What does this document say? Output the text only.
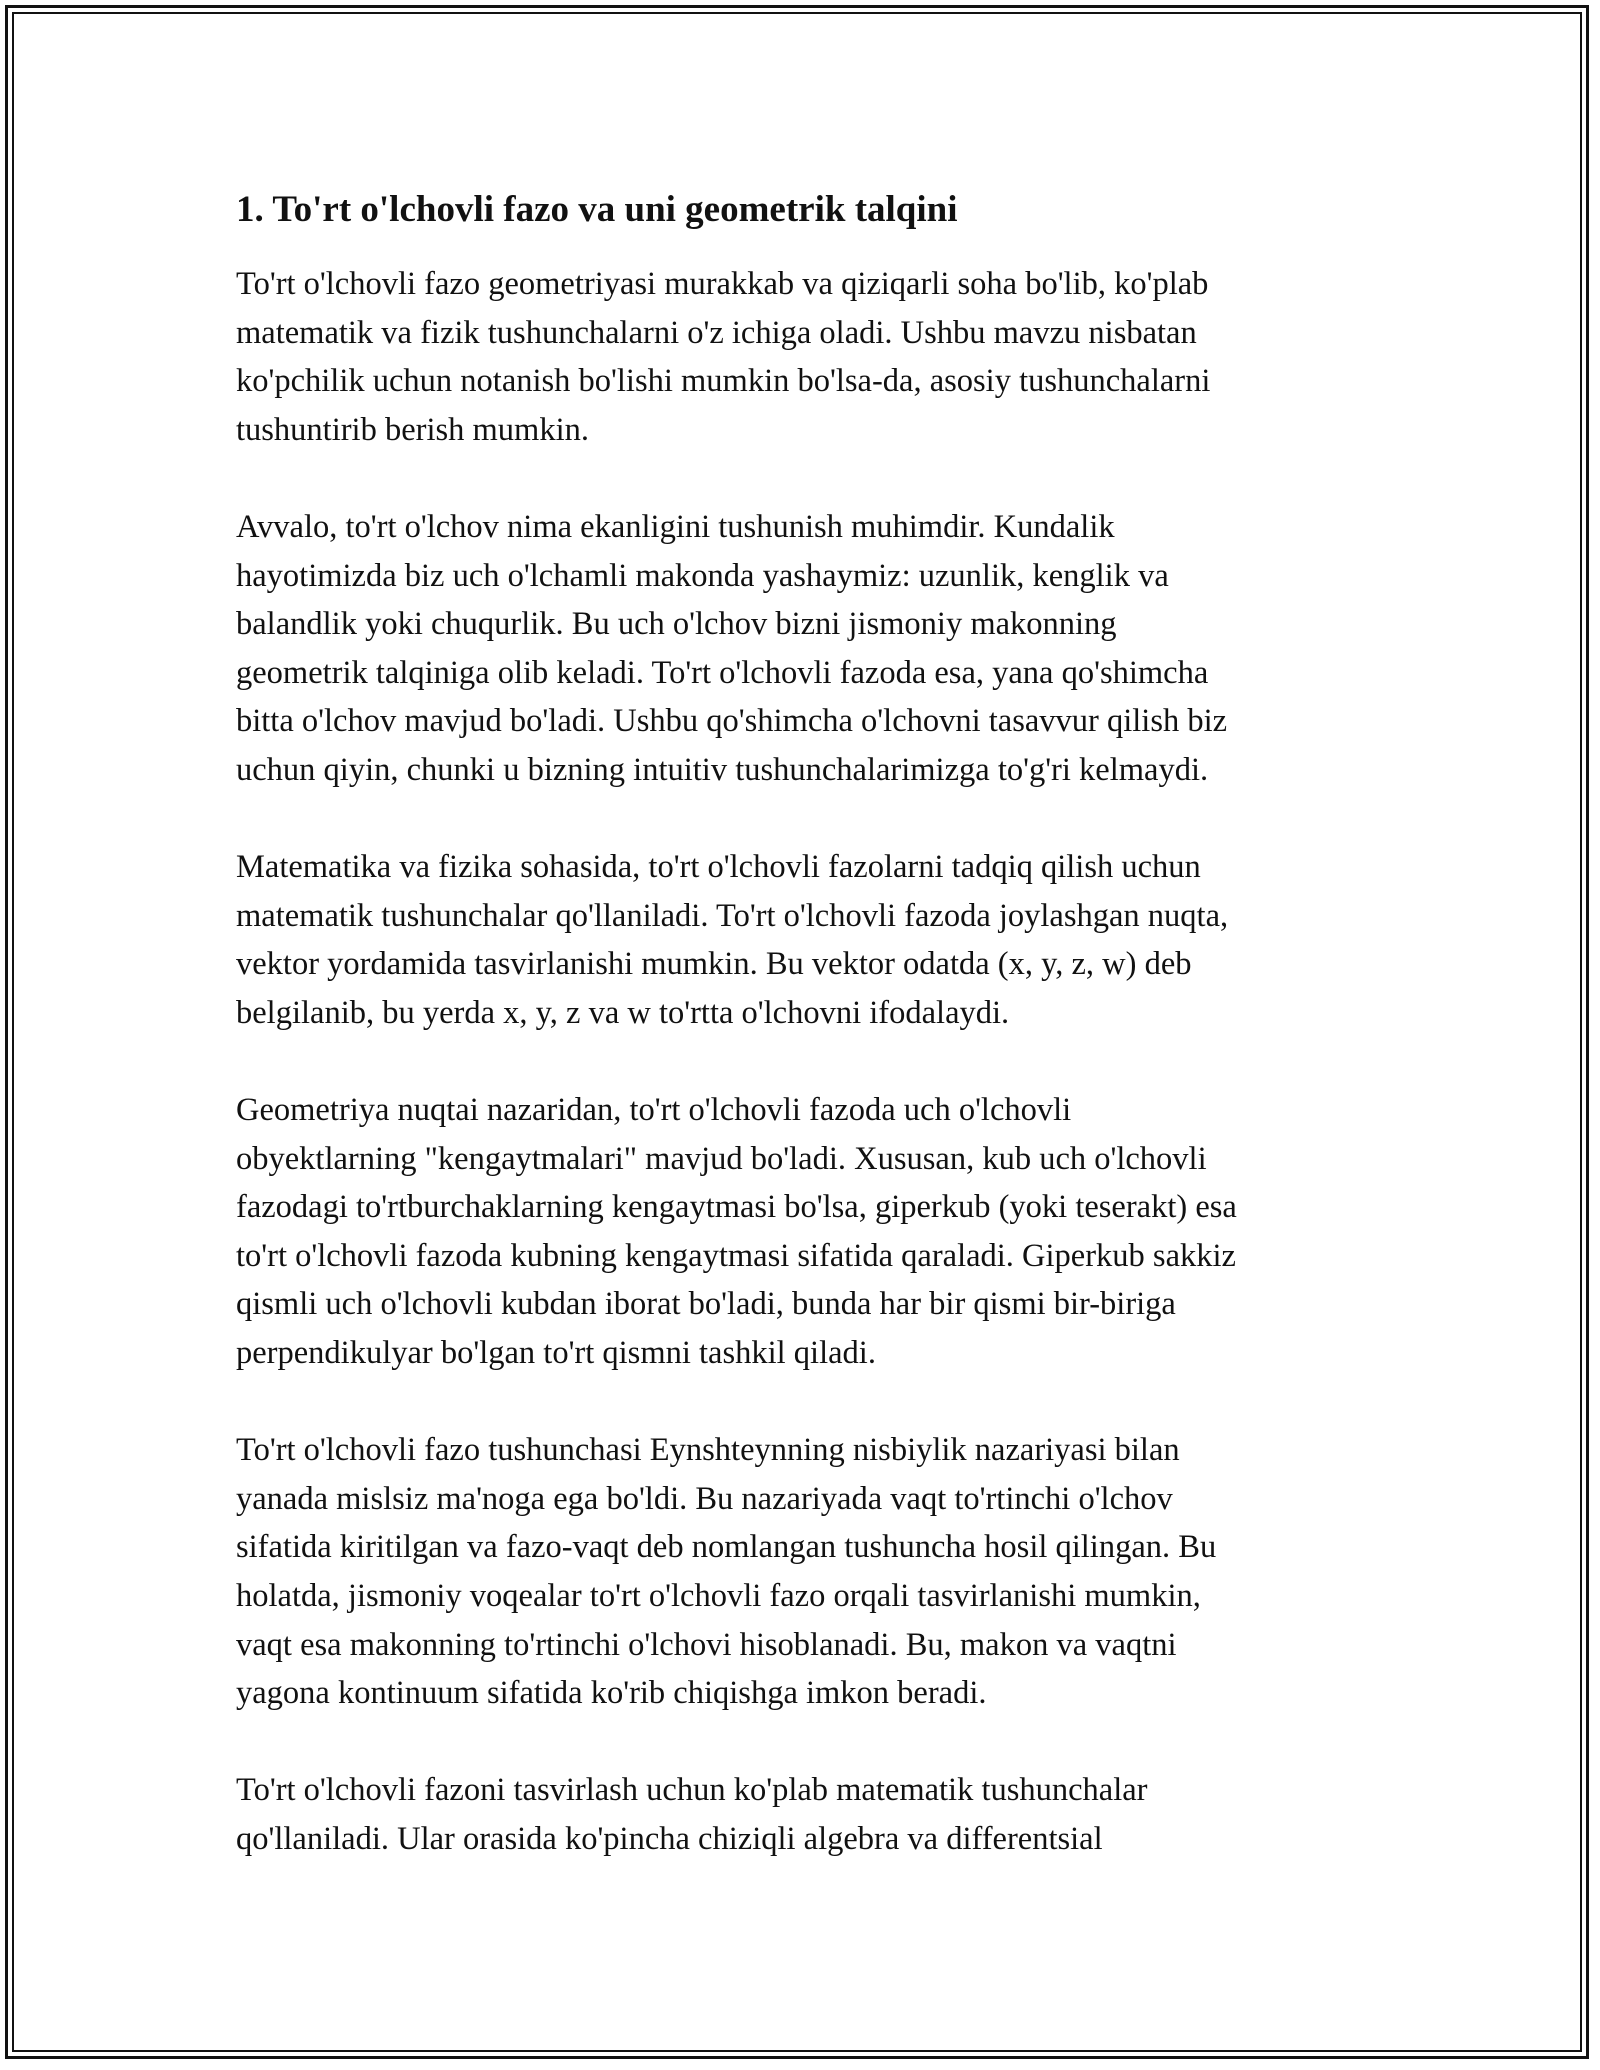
1. To'rt o'lchovli fazo va uni geometrik talqini
To'rt o'lchovli fazo geometriyasi murakkab va qiziqarli soha bo'lib, ko'plab
matematik va fizik tushunchalarni o'z ichiga oladi. Ushbu mavzu nisbatan
ko'pchilik uchun notanish bo'lishi mumkin bo'lsa-da, asosiy tushunchalarni
tushuntirib berish mumkin.
Avvalo, to'rt o'lchov nima ekanligini tushunish muhimdir. Kundalik
hayotimizda biz uch o'lchamli makonda yashaymiz: uzunlik, kenglik va
balandlik yoki chuqurlik. Bu uch o'lchov bizni jismoniy makonning
geometrik talqiniga olib keladi. To'rt o'lchovli fazoda esa, yana qo'shimcha
bitta o'lchov mavjud bo'ladi. Ushbu qo'shimcha o'lchovni tasavvur qilish biz
uchun qiyin, chunki u bizning intuitiv tushunchalarimizga to'g'ri kelmaydi.
Matematika va fizika sohasida, to'rt o'lchovli fazolarni tadqiq qilish uchun
matematik tushunchalar qo'llaniladi. To'rt o'lchovli fazoda joylashgan nuqta,
vektor yordamida tasvirlanishi mumkin. Bu vektor odatda (x, y, z, w) deb
belgilanib, bu yerda x, y, z va w to'rtta o'lchovni ifodalaydi.
Geometriya nuqtai nazaridan, to'rt o'lchovli fazoda uch o'lchovli
obyektlarning "kengaytmalari" mavjud bo'ladi. Xususan, kub uch o'lchovli
fazodagi to'rtburchaklarning kengaytmasi bo'lsa, giperkub (yoki teserakt) esa
to'rt o'lchovli fazoda kubning kengaytmasi sifatida qaraladi. Giperkub sakkiz
qismli uch o'lchovli kubdan iborat bo'ladi, bunda har bir qismi bir-biriga
perpendikulyar bo'lgan to'rt qismni tashkil qiladi.
To'rt o'lchovli fazo tushunchasi Eynshteynning nisbiylik nazariyasi bilan
yanada mislsiz ma'noga ega bo'ldi. Bu nazariyada vaqt to'rtinchi o'lchov
sifatida kiritilgan va fazo-vaqt deb nomlangan tushuncha hosil qilingan. Bu
holatda, jismoniy voqealar to'rt o'lchovli fazo orqali tasvirlanishi mumkin,
vaqt esa makonning to'rtinchi o'lchovi hisoblanadi. Bu, makon va vaqtni
yagona kontinuum sifatida ko'rib chiqishga imkon beradi.
To'rt o'lchovli fazoni tasvirlash uchun ko'plab matematik tushunchalar
qo'llaniladi. Ular orasida ko'pincha chiziqli algebra va differentsial
